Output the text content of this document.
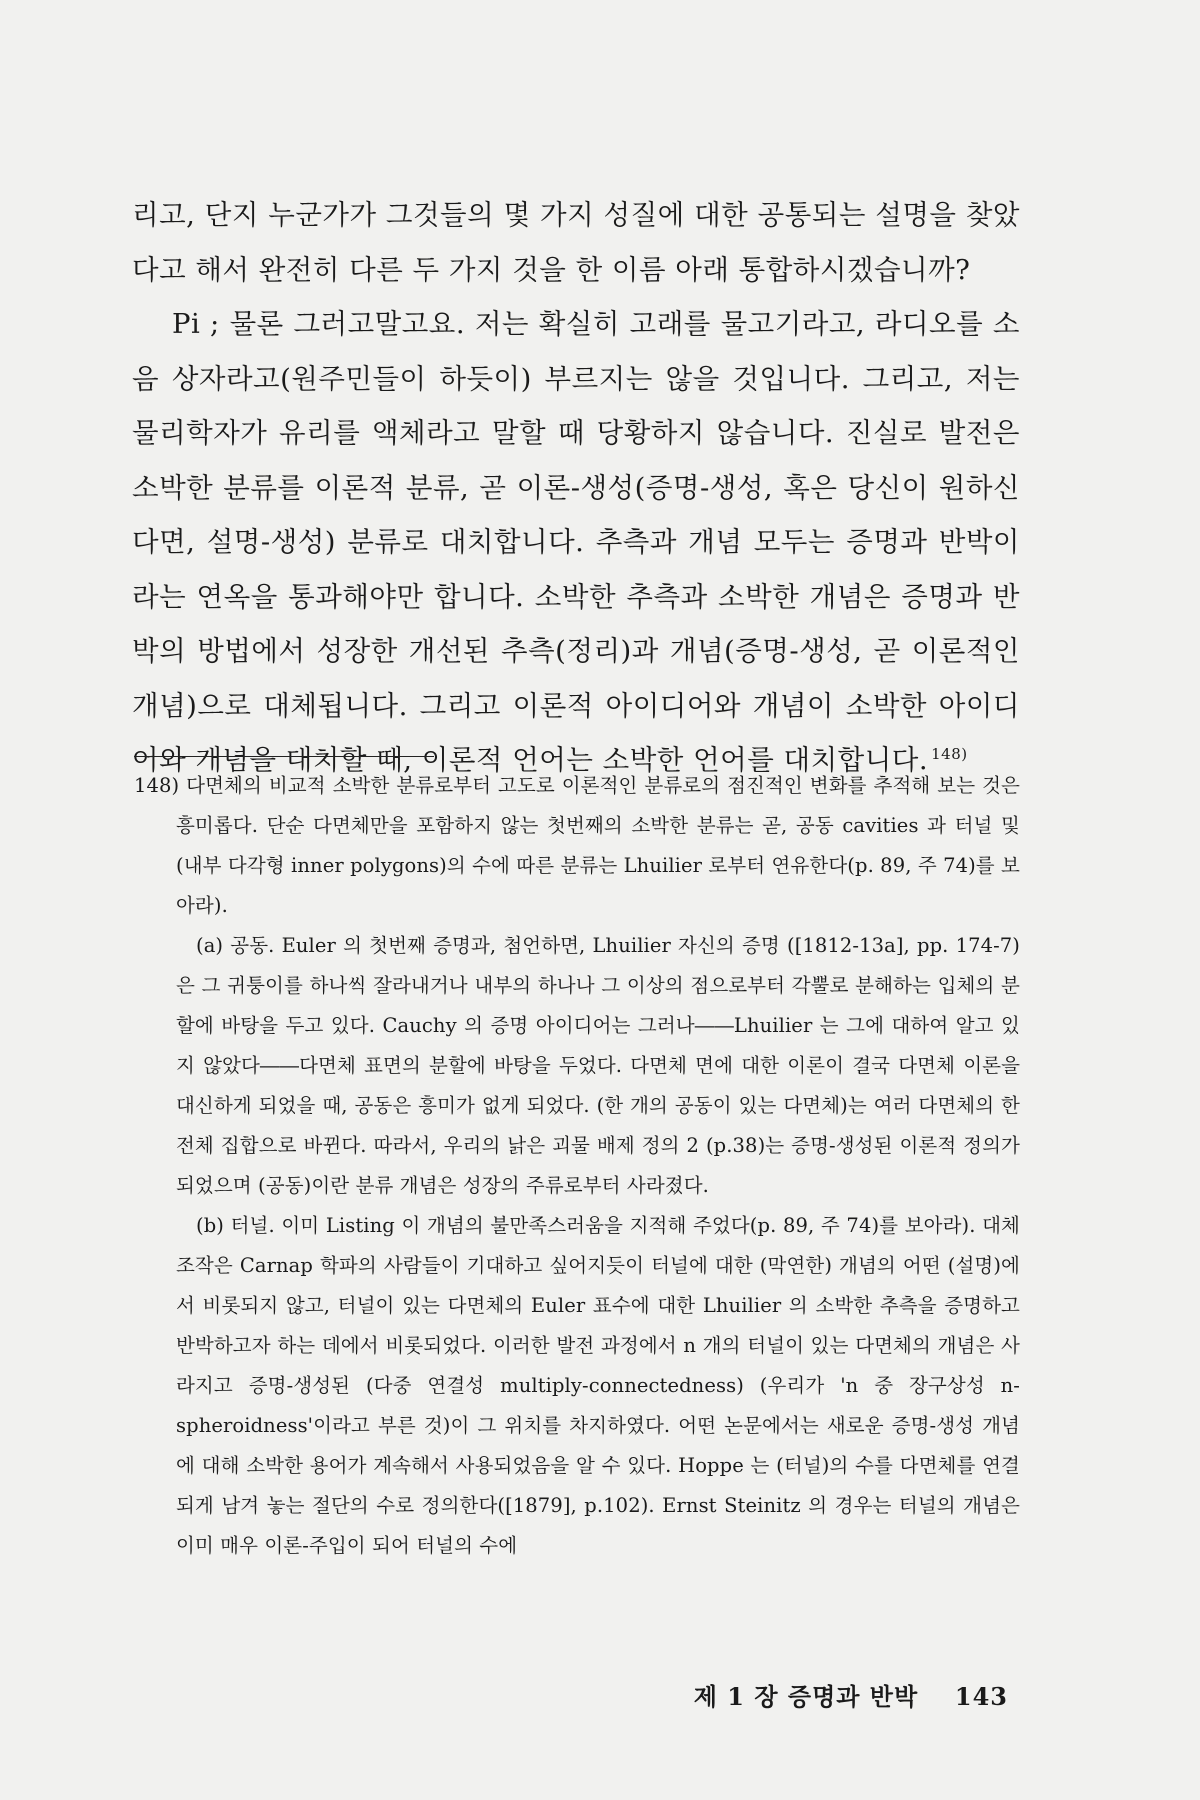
리고, 단지 누군가가 그것들의 몇 가지 성질에 대한 공통되는 설명을 찾았다고 해서 완전히 다른 두 가지 것을 한 이름 아래 통합하시겠습니까?

Pi ; 물론 그러고말고요. 저는 확실히 고래를 물고기라고, 라디오를 소음 상자라고(원주민들이 하듯이) 부르지는 않을 것입니다. 그리고, 저는 물리학자가 유리를 액체라고 말할 때 당황하지 않습니다. 진실로 발전은 소박한 분류를 이론적 분류, 곧 이론-생성(증명-생성, 혹은 당신이 원하신다면, 설명-생성) 분류로 대치합니다. 추측과 개념 모두는 증명과 반박이라는 연옥을 통과해야만 합니다. 소박한 추측과 소박한 개념은 증명과 반박의 방법에서 성장한 개선된 추측(정리)과 개념(증명-생성, 곧 이론적인 개념)으로 대체됩니다. 그리고 이론적 아이디어와 개념이 소박한 아이디어와 개념을 대치할 때, 이론적 언어는 소박한 언어를 대치합니다. $^{148)}$

148) 다면체의 비교적 소박한 분류로부터 고도로 이론적인 분류로의 점진적인 변화를 추적해 보는 것은 흥미롭다. 단순 다면체만을 포함하지 않는 첫번째의 소박한 분류는 곧, 공동 cavities 과 터널 및 (내부 다각형 inner polygons)의 수에 따른 분류는 Lhuilier 로부터 연유한다(p. 89, 주 74)를 보아라).

(a) 공동. Euler 의 첫번째 증명과, 첨언하면, Lhuilier 자신의 증명 ([1812-13a], pp. 174-7)은 그 귀퉁이를 하나씩 잘라내거나 내부의 하나나 그 이상의 점으로부터 각뿔로 분해하는 입체의 분할에 바탕을 두고 있다. Cauchy 의 증명 아이디어는 그러나――Lhuilier 는 그에 대하여 알고 있지 않았다――다면체 표면의 분할에 바탕을 두었다. 다면체 면에 대한 이론이 결국 다면체 이론을 대신하게 되었을 때, 공동은 흥미가 없게 되었다. (한 개의 공동이 있는 다면체)는 여러 다면체의 한 전체 집합으로 바뀐다. 따라서, 우리의 낡은 괴물 배제 정의 2 (p.38)는 증명-생성된 이론적 정의가 되었으며 (공동)이란 분류 개념은 성장의 주류로부터 사라졌다.

(b) 터널. 이미 Listing 이 개념의 불만족스러움을 지적해 주었다(p. 89, 주 74)를 보아라). 대체 조작은 Carnap 학파의 사람들이 기대하고 싶어지듯이 터널에 대한 (막연한) 개념의 어떤 (설명)에서 비롯되지 않고, 터널이 있는 다면체의 Euler 표수에 대한 Lhuilier 의 소박한 추측을 증명하고 반박하고자 하는 데에서 비롯되었다. 이러한 발전 과정에서 n 개의 터널이 있는 다면체의 개념은 사라지고 증명-생성된 (다중 연결성 multiply-connectedness) (우리가 'n 중 장구상성 n-spheroidness'이라고 부른 것)이 그 위치를 차지하였다. 어떤 논문에서는 새로운 증명-생성 개념에 대해 소박한 용어가 계속해서 사용되었음을 알 수 있다. Hoppe 는 (터널)의 수를 다면체를 연결되게 남겨 놓는 절단의 수로 정의한다([1879], p.102). Ernst Steinitz 의 경우는 터널의 개념은 이미 매우 이론-주입이 되어 터널의 수에

제 1 장 증명과 반박 143
